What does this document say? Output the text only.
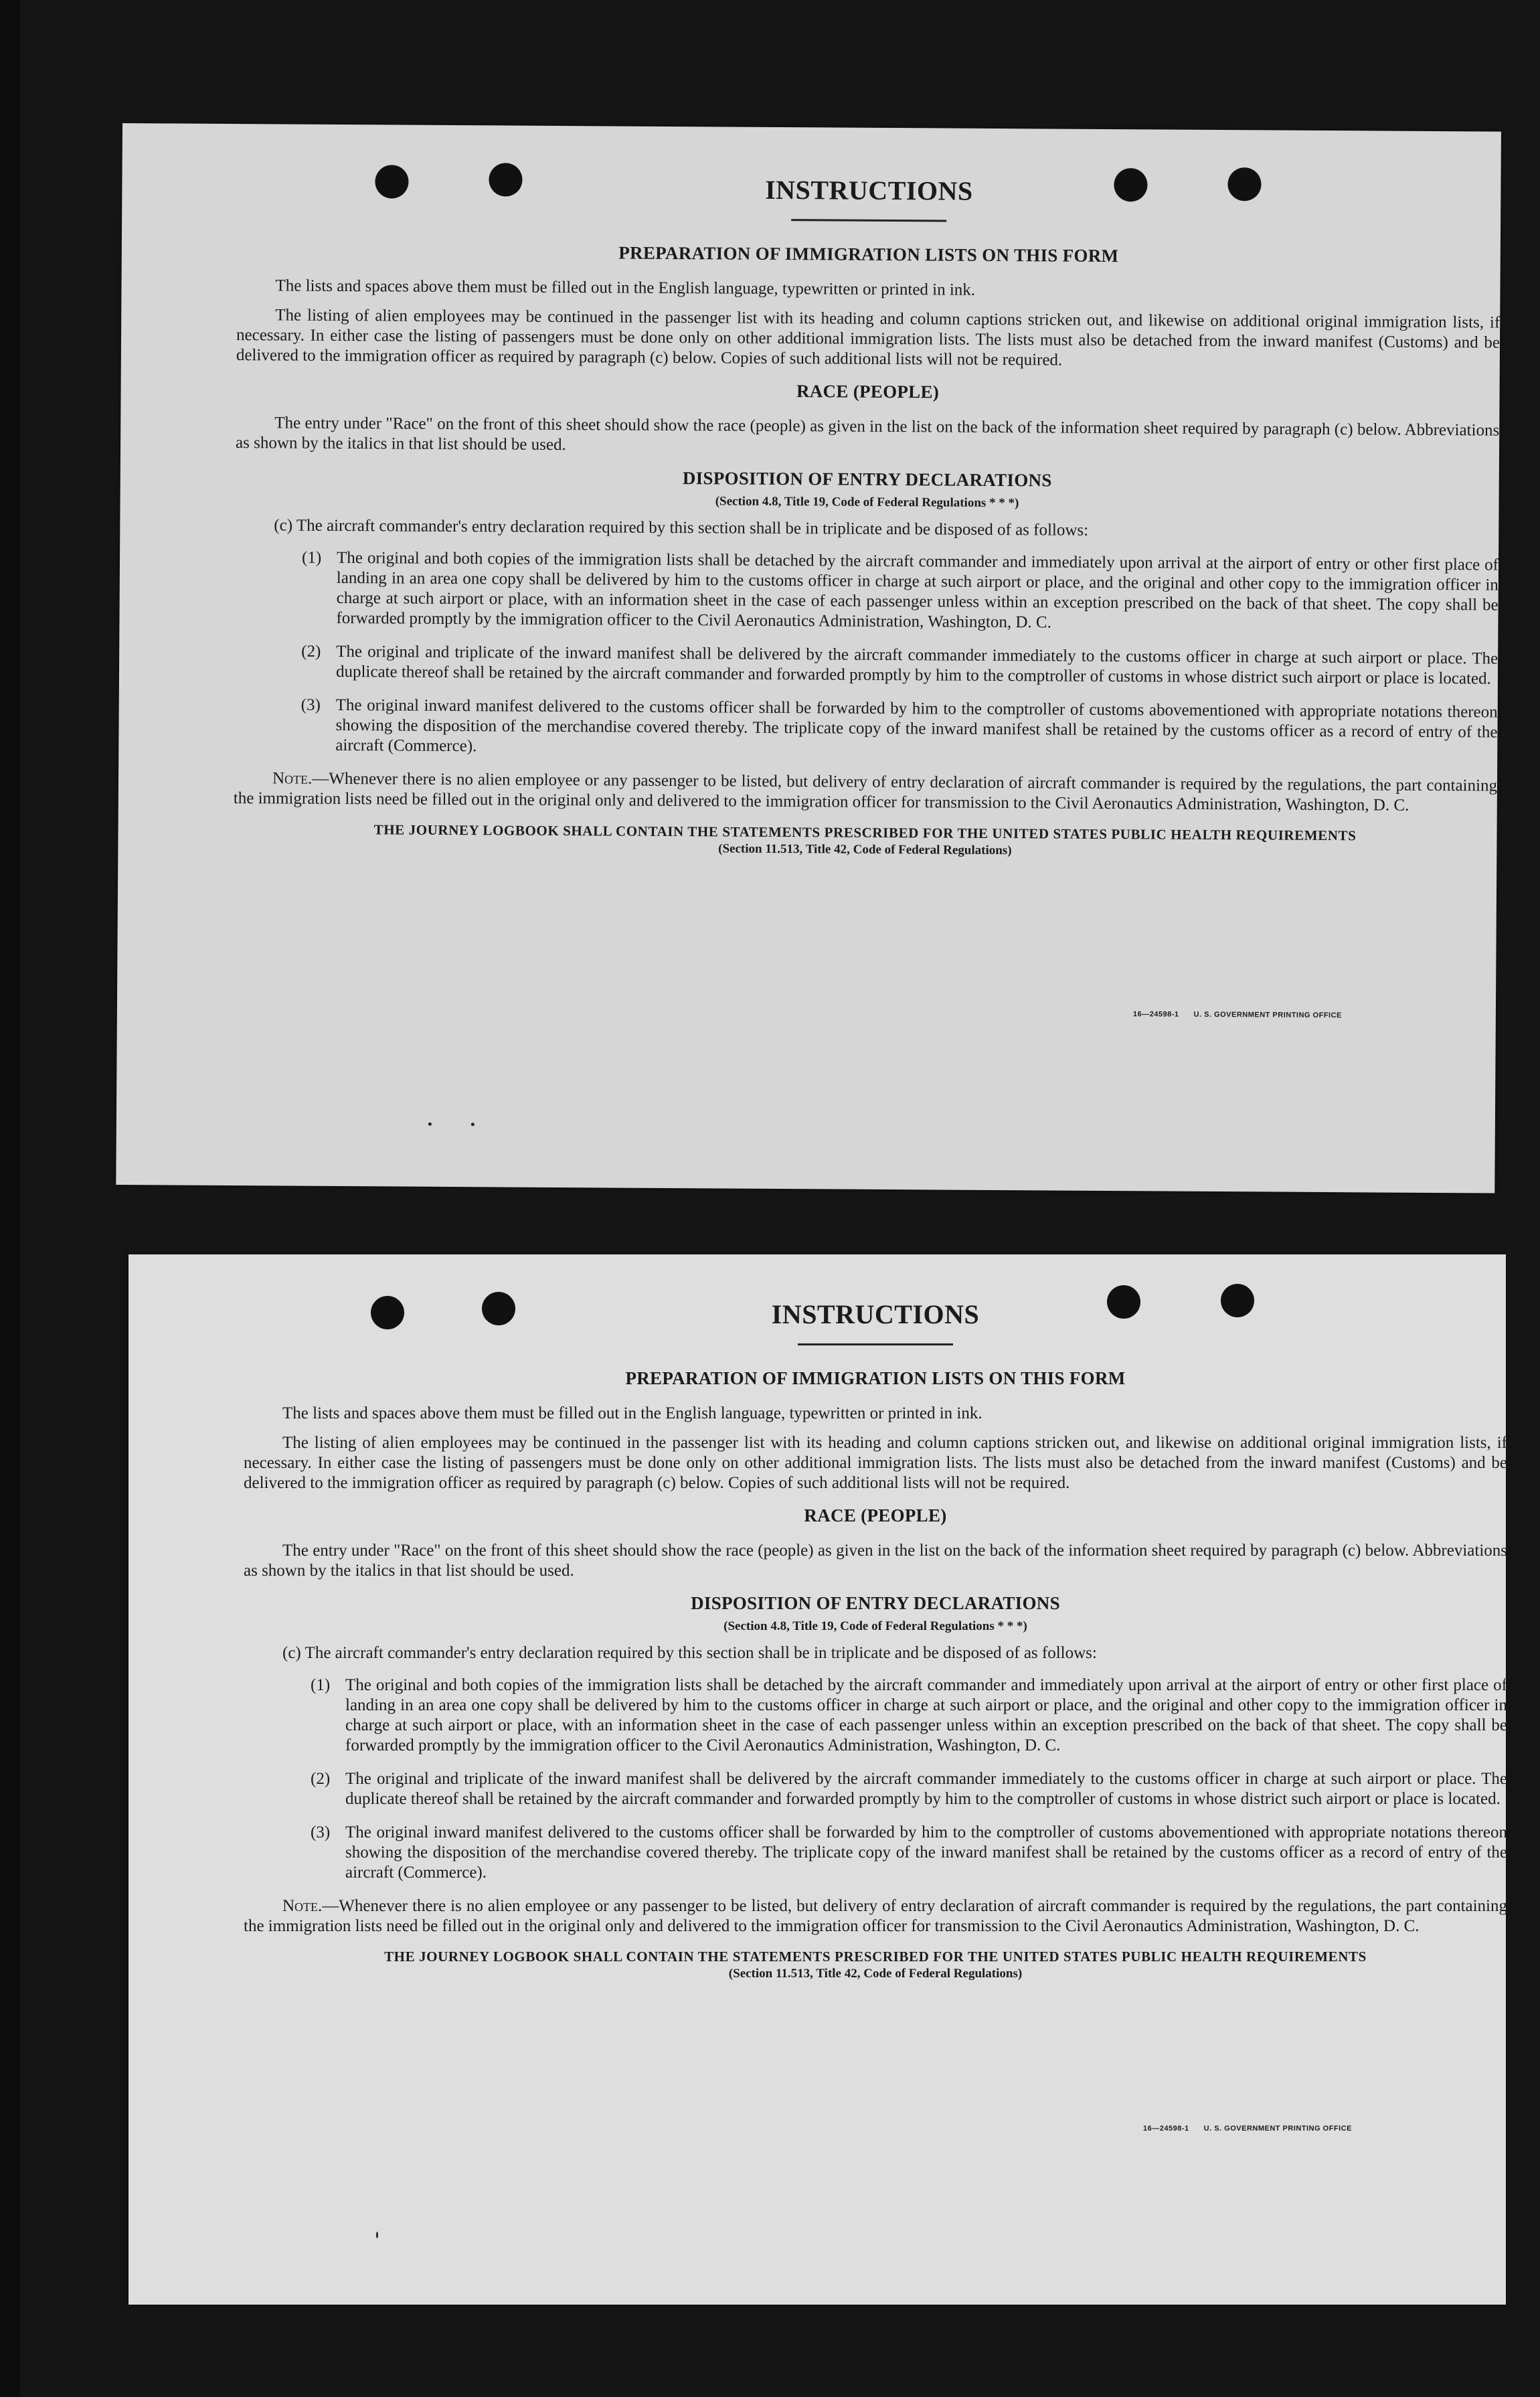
INSTRUCTIONS
PREPARATION OF IMMIGRATION LISTS ON THIS FORM

The lists and spaces above them must be filled out in the English language, typewritten or printed in ink.

The listing of alien employees may be continued in the passenger list with its heading and column captions stricken out, and likewise on additional original immigration lists, if necessary. In either case the listing of passengers must be done only on other additional immigration lists. The lists must also be detached from the inward manifest (Customs) and be delivered to the immigration officer as required by paragraph (c) below. Copies of such additional lists will not be required.

RACE (PEOPLE)

The entry under "Race" on the front of this sheet should show the race (people) as given in the list on the back of the information sheet required by paragraph (c) below. Abbreviations as shown by the italics in that list should be used.

DISPOSITION OF ENTRY DECLARATIONS
(Section 4.8, Title 19, Code of Federal Regulations * * *)
(c) The aircraft commander's entry declaration required by this section shall be in triplicate and be disposed of as follows:
(1) The original and both copies of the immigration lists shall be detached by the aircraft commander and immediately upon arrival at the airport of entry or other first place of landing in an area one copy shall be delivered by him to the customs officer in charge at such airport or place, and the original and other copy to the immigration officer in charge at such airport or place, with an information sheet in the case of each passenger unless within an exception prescribed on the back of that sheet. The copy shall be forwarded promptly by the immigration officer to the Civil Aeronautics Administration, Washington, D. C.
(2) The original and triplicate of the inward manifest shall be delivered by the aircraft commander immediately to the customs officer in charge at such airport or place. The duplicate thereof shall be retained by the aircraft commander and forwarded promptly by him to the comptroller of customs in whose district such airport or place is located.
(3) The original inward manifest delivered to the customs officer shall be forwarded by him to the comptroller of customs abovementioned with appropriate notations thereon showing the disposition of the merchandise covered thereby. The triplicate copy of the inward manifest shall be retained by the customs officer as a record of entry of the aircraft (Commerce).

Note.—Whenever there is no alien employee or any passenger to be listed, but delivery of entry declaration of aircraft commander is required by the regulations, the part containing the immigration lists need be filled out in the original only and delivered to the immigration officer for transmission to the Civil Aeronautics Administration, Washington, D. C.

THE JOURNEY LOGBOOK SHALL CONTAIN THE STATEMENTS PRESCRIBED FOR THE UNITED STATES PUBLIC HEALTH REQUIREMENTS

(Section 11.513, Title 42, Code of Federal Regulations)

16—24598-1 U. S. GOVERNMENT PRINTING OFFICE
INSTRUCTIONS
PREPARATION OF IMMIGRATION LISTS ON THIS FORM

The lists and spaces above them must be filled out in the English language, typewritten or printed in ink.

The listing of alien employees may be continued in the passenger list with its heading and column captions stricken out, and likewise on additional original immigration lists, if necessary. In either case the listing of passengers must be done only on other additional immigration lists. The lists must also be detached from the inward manifest (Customs) and be delivered to the immigration officer as required by paragraph (c) below. Copies of such additional lists will not be required.

RACE (PEOPLE)

The entry under "Race" on the front of this sheet should show the race (people) as given in the list on the back of the information sheet required by paragraph (c) below. Abbreviations as shown by the italics in that list should be used.

DISPOSITION OF ENTRY DECLARATIONS
(Section 4.8, Title 19, Code of Federal Regulations * * *)
(c) The aircraft commander's entry declaration required by this section shall be in triplicate and be disposed of as follows:
(1) The original and both copies of the immigration lists shall be detached by the aircraft commander and immediately upon arrival at the airport of entry or other first place of landing in an area one copy shall be delivered by him to the customs officer in charge at such airport or place, and the original and other copy to the immigration officer in charge at such airport or place, with an information sheet in the case of each passenger unless within an exception prescribed on the back of that sheet. The copy shall be forwarded promptly by the immigration officer to the Civil Aeronautics Administration, Washington, D. C.
(2) The original and triplicate of the inward manifest shall be delivered by the aircraft commander immediately to the customs officer in charge at such airport or place. The duplicate thereof shall be retained by the aircraft commander and forwarded promptly by him to the comptroller of customs in whose district such airport or place is located.
(3) The original inward manifest delivered to the customs officer shall be forwarded by him to the comptroller of customs abovementioned with appropriate notations thereon showing the disposition of the merchandise covered thereby. The triplicate copy of the inward manifest shall be retained by the customs officer as a record of entry of the aircraft (Commerce).

Note.—Whenever there is no alien employee or any passenger to be listed, but delivery of entry declaration of aircraft commander is required by the regulations, the part containing the immigration lists need be filled out in the original only and delivered to the immigration officer for transmission to the Civil Aeronautics Administration, Washington, D. C.

THE JOURNEY LOGBOOK SHALL CONTAIN THE STATEMENTS PRESCRIBED FOR THE UNITED STATES PUBLIC HEALTH REQUIREMENTS

(Section 11.513, Title 42, Code of Federal Regulations)

16—24598-1 U. S. GOVERNMENT PRINTING OFFICE
